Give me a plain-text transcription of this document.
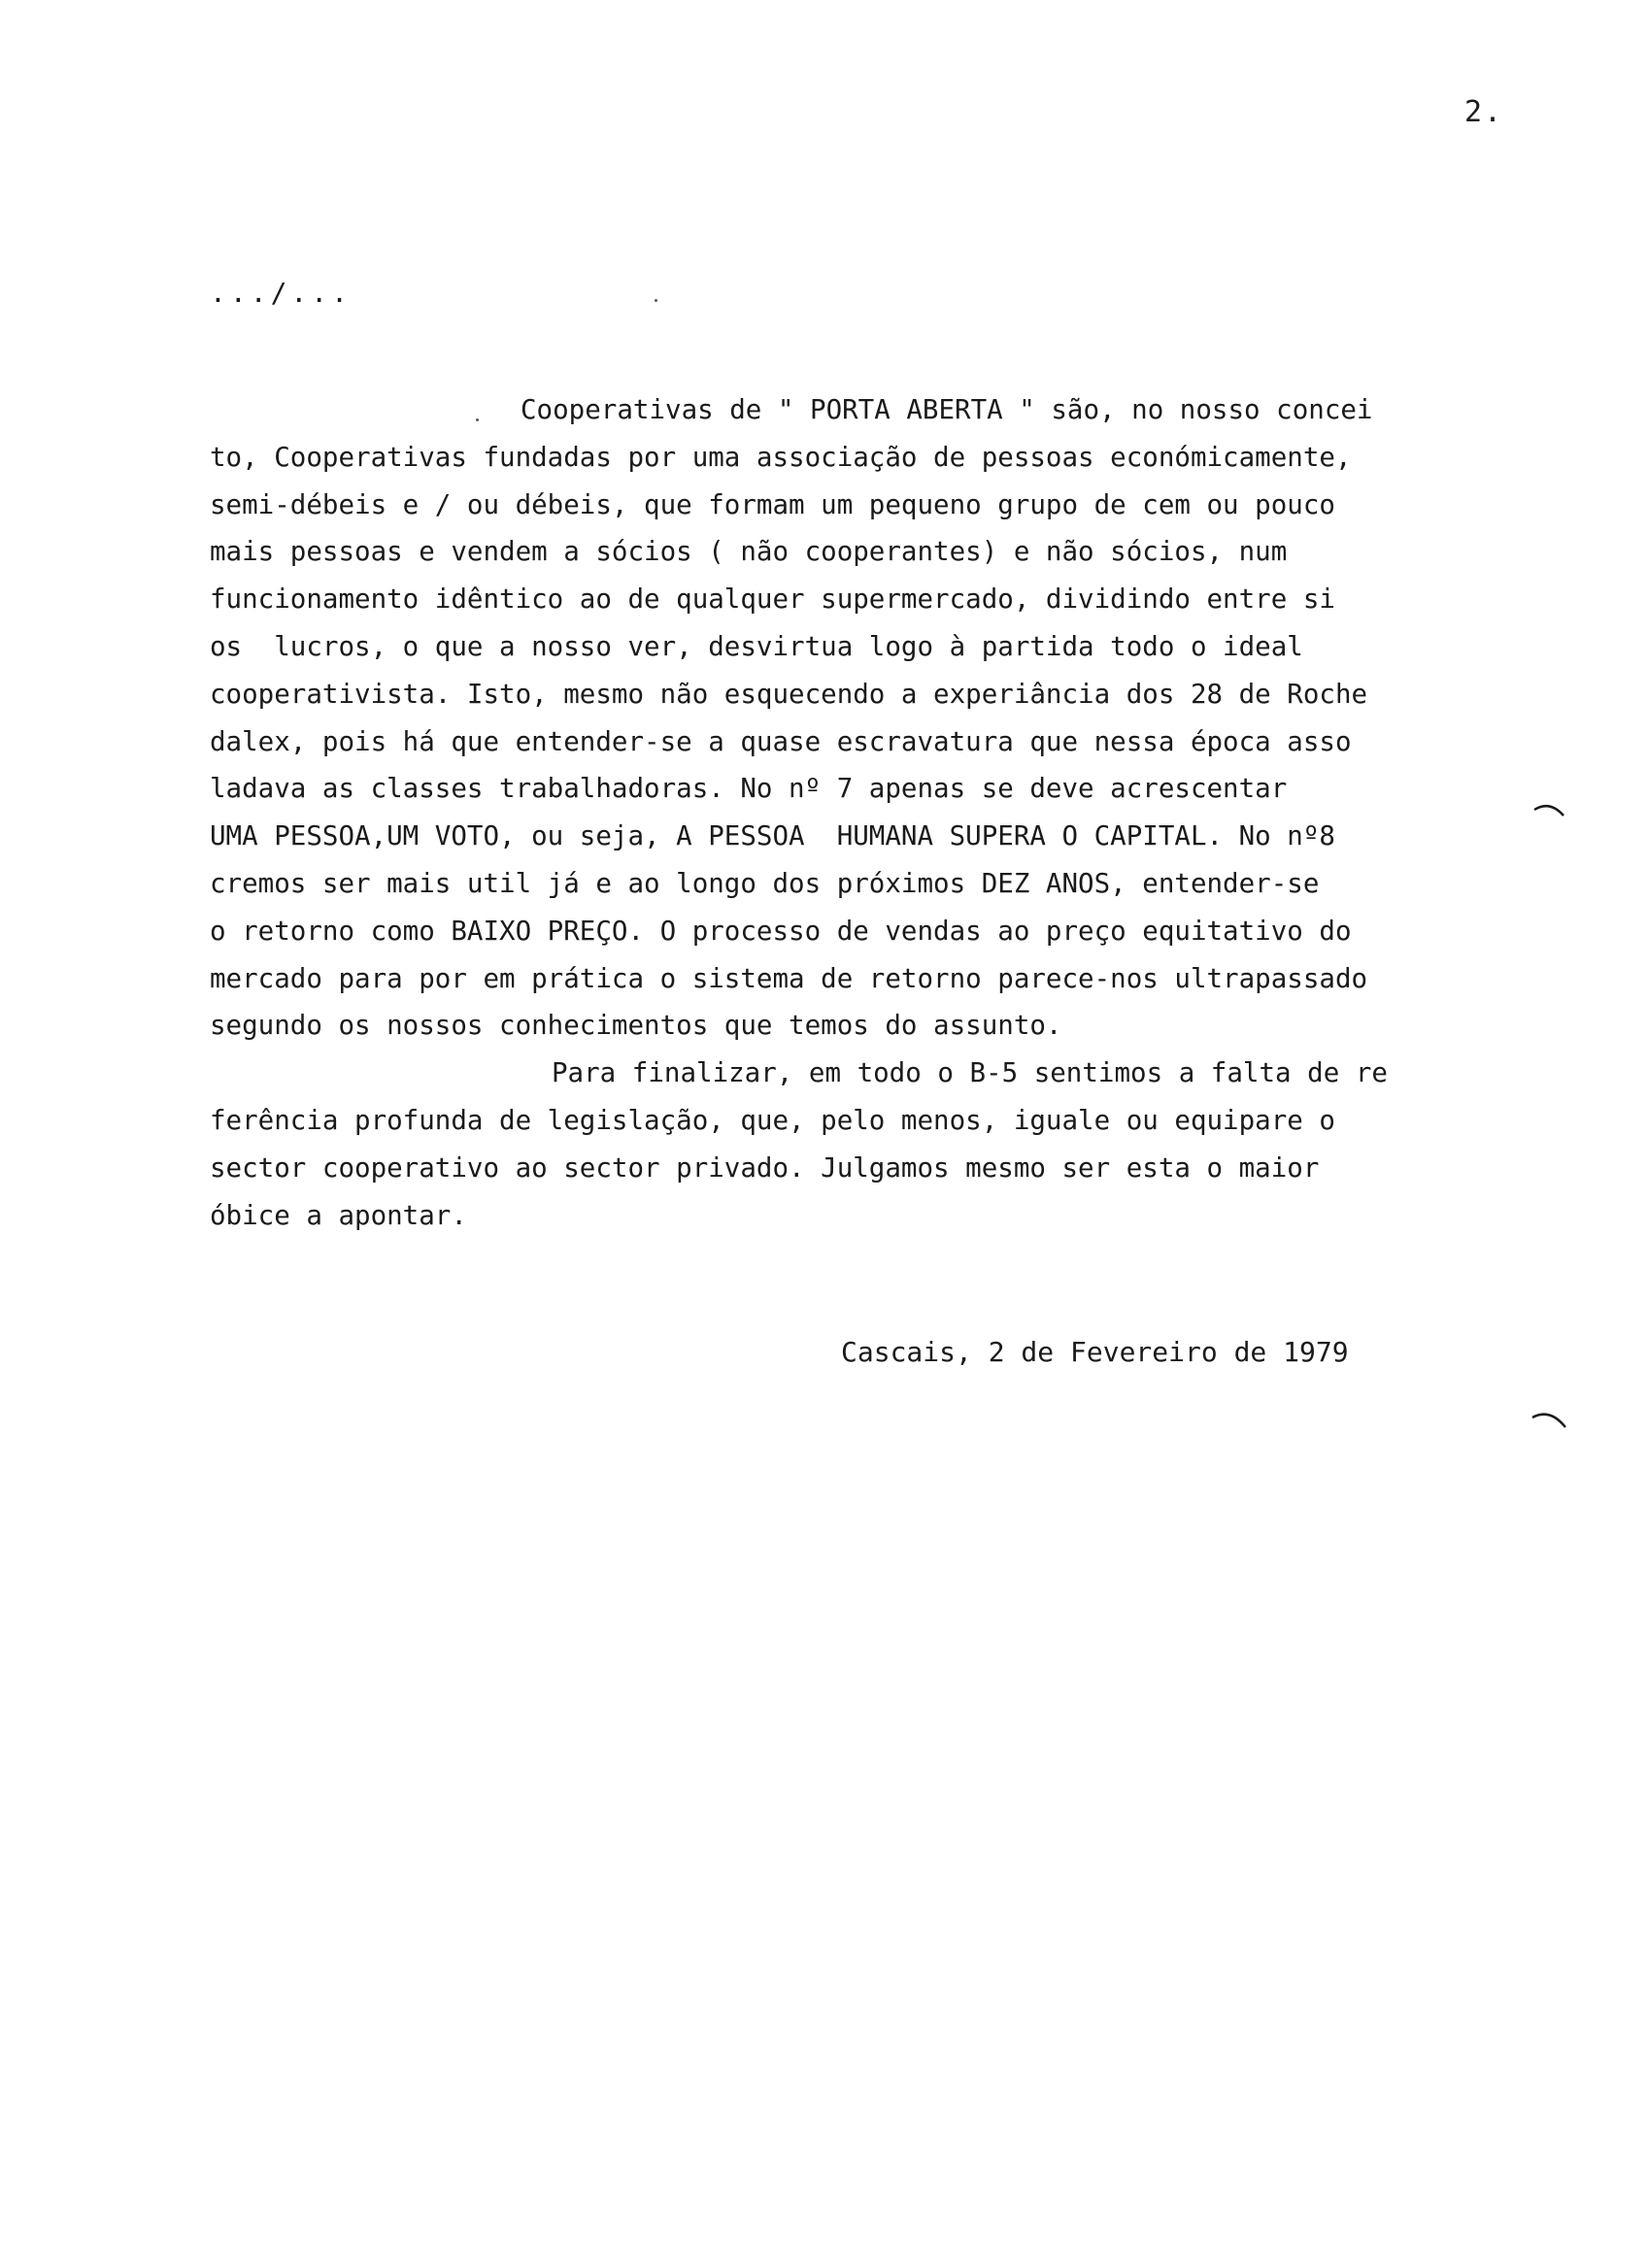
2.
.../...
Cooperativas de " PORTA ABERTA " são, no nosso concei
to, Cooperativas fundadas por uma associação de pessoas económicamente,
semi-débeis e / ou débeis, que formam um pequeno grupo de cem ou pouco
mais pessoas e vendem a sócios ( não cooperantes) e não sócios, num
funcionamento idêntico ao de qualquer supermercado, dividindo entre si
os  lucros, o que a nosso ver, desvirtua logo à partida todo o ideal
cooperativista. Isto, mesmo não esquecendo a experiância dos 28 de Roche
dalex, pois há que entender-se a quase escravatura que nessa época asso
ladava as classes trabalhadoras. No nº 7 apenas se deve acrescentar
UMA PESSOA,UM VOTO, ou seja, A PESSOA  HUMANA SUPERA O CAPITAL. No nº8
cremos ser mais util já e ao longo dos próximos DEZ ANOS, entender-se
o retorno como BAIXO PREÇO. O processo de vendas ao preço equitativo do
mercado para por em prática o sistema de retorno parece-nos ultrapassado
segundo os nossos conhecimentos que temos do assunto.
Para finalizar, em todo o B-5 sentimos a falta de re
ferência profunda de legislação, que, pelo menos, iguale ou equipare o
sector cooperativo ao sector privado. Julgamos mesmo ser esta o maior
óbice a apontar.
Cascais, 2 de Fevereiro de 1979
